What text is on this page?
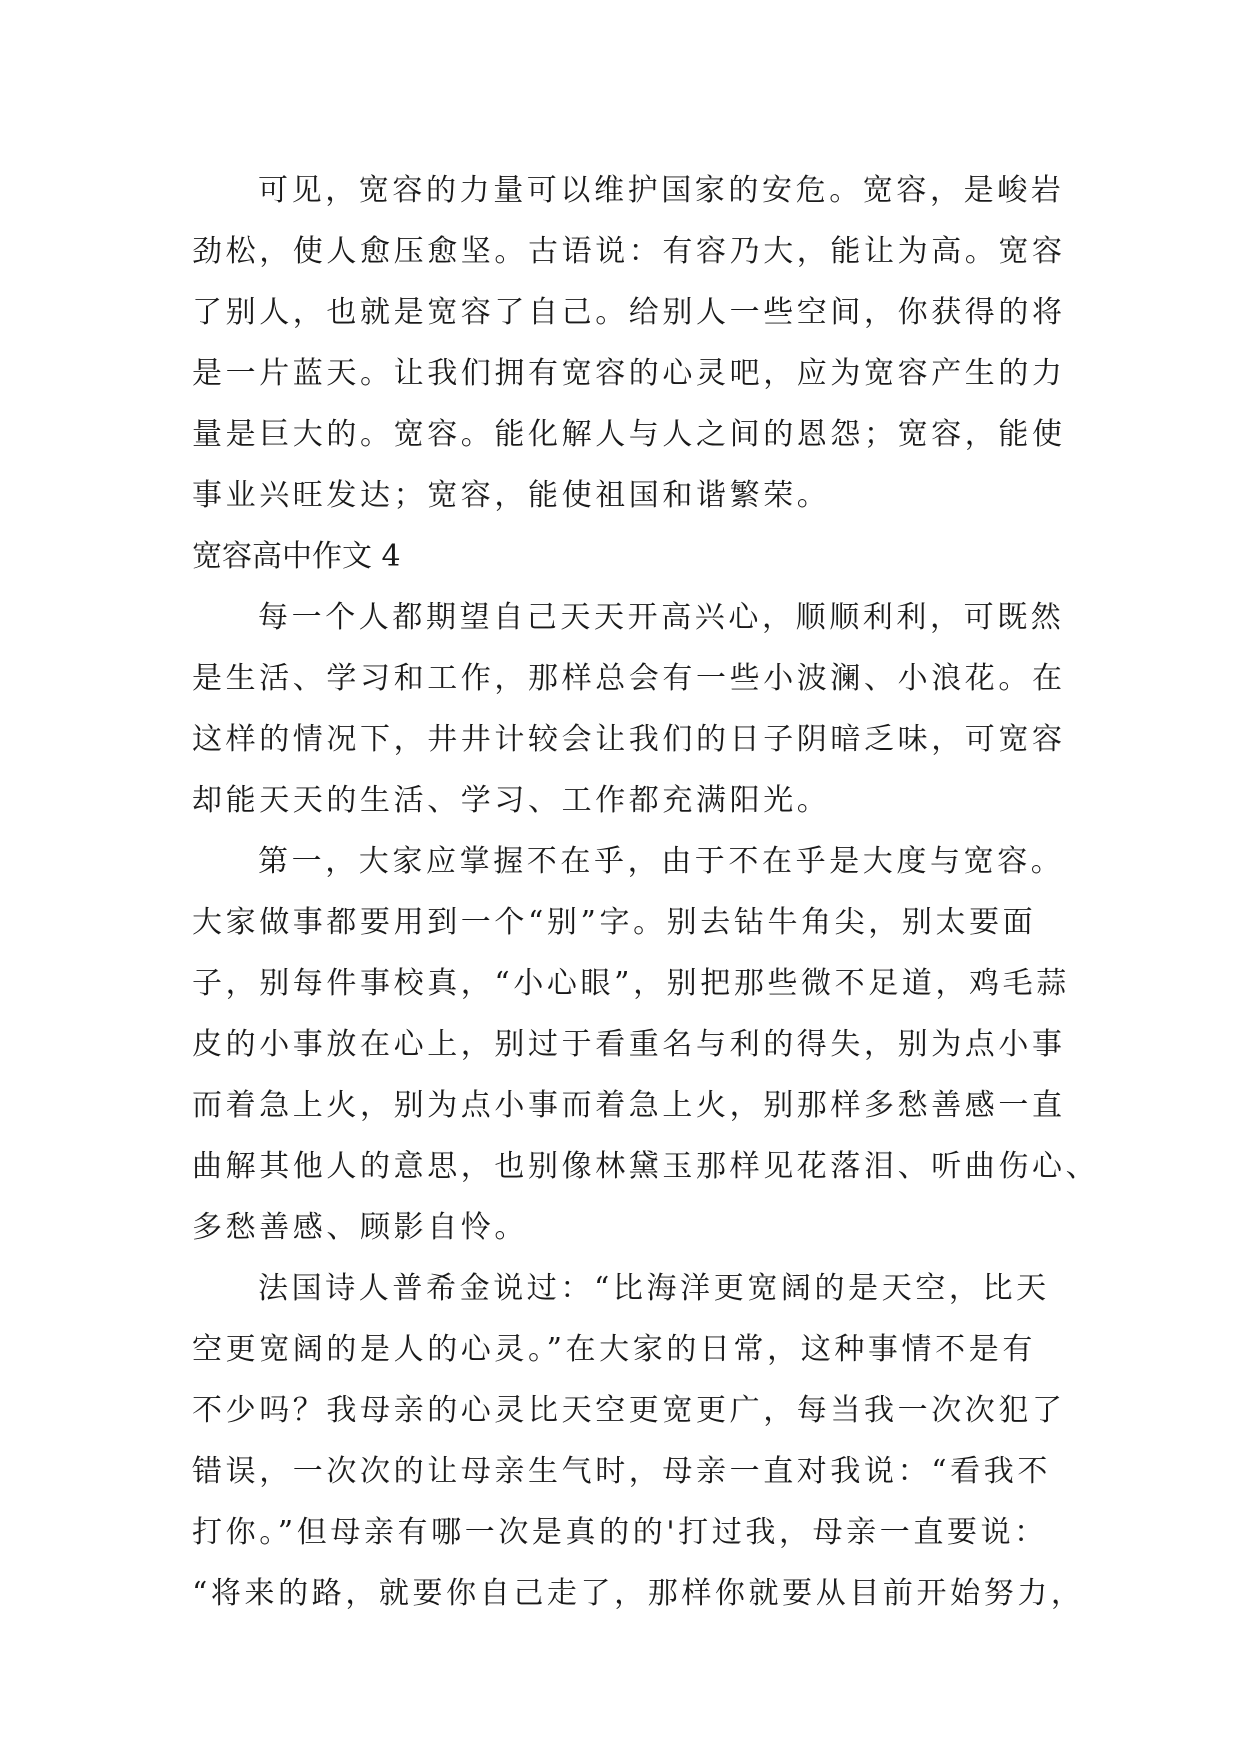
可见，宽容的力量可以维护国家的安危。宽容，是峻岩
劲松，使人愈压愈坚。古语说：有容乃大，能让为高。宽容
了别人，也就是宽容了自己。给别人一些空间，你获得的将
是一片蓝天。让我们拥有宽容的心灵吧，应为宽容产生的力
量是巨大的。宽容。能化解人与人之间的恩怨；宽容，能使
事业兴旺发达；宽容，能使祖国和谐繁荣。
宽容高中作文 4
每一个人都期望自己天天开高兴心，顺顺利利，可既然
是生活、学习和工作，那样总会有一些小波澜、小浪花。在
这样的情况下，井井计较会让我们的日子阴暗乏味，可宽容
却能天天的生活、学习、工作都充满阳光。
第一，大家应掌握不在乎，由于不在乎是大度与宽容。
大家做事都要用到一个“别”字。别去钻牛角尖，别太要面
子，别每件事校真，“小心眼”，别把那些微不足道，鸡毛蒜
皮的小事放在心上，别过于看重名与利的得失，别为点小事
而着急上火，别为点小事而着急上火，别那样多愁善感一直
曲解其他人的意思，也别像林黛玉那样见花落泪、听曲伤心、
多愁善感、顾影自怜。
法国诗人普希金说过：“比海洋更宽阔的是天空，比天
空更宽阔的是人的心灵。”在大家的日常，这种事情不是有
不少吗？我母亲的心灵比天空更宽更广，每当我一次次犯了
错误，一次次的让母亲生气时，母亲一直对我说：“看我不
打你。”但母亲有哪一次是真的的'打过我，母亲一直要说：
“将来的路，就要你自己走了，那样你就要从目前开始努力，
